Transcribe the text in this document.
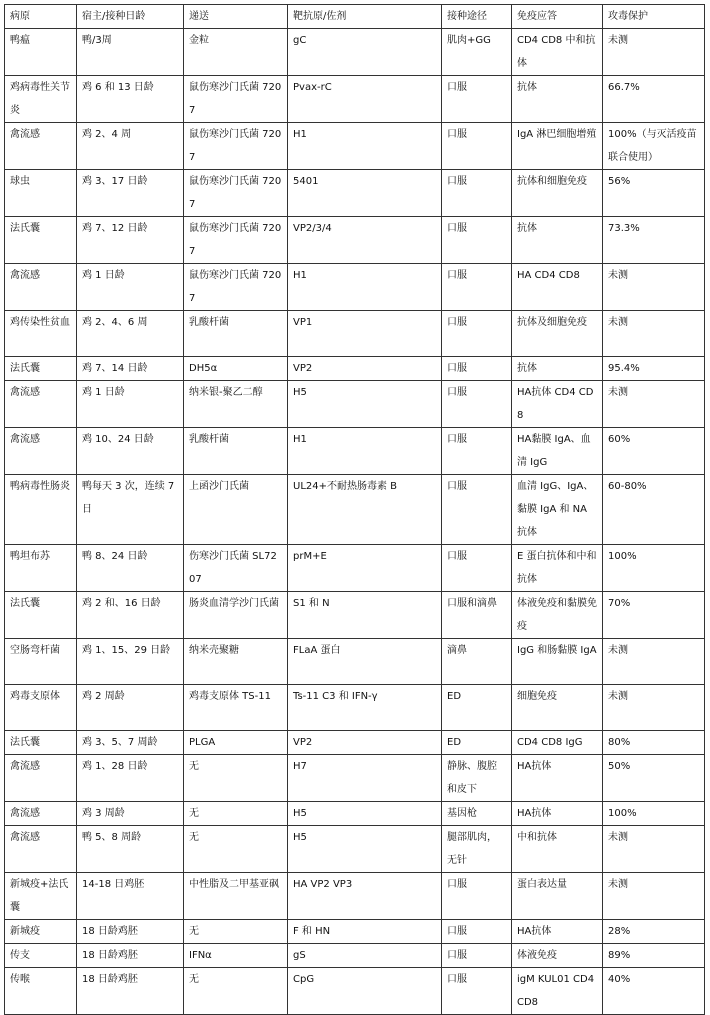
病原	宿主/接种日龄	递送	靶抗原/佐剂	接种途径	免疫应答	攻毒保护
鸭瘟	鸭/3周	金粒	gC	肌肉+GG	CD4 CD8 中和抗体	未测
鸡病毒性关节炎	鸡 6 和 13 日龄	鼠伤寒沙门氏菌 7207	Pvax-rC	口服	抗体	66.7%
禽流感	鸡 2、4 周	鼠伤寒沙门氏菌 7207	H1	口服	IgA 淋巴细胞增殖	100%（与灭活疫苗联合使用）
球虫	鸡 3、17 日龄	鼠伤寒沙门氏菌 7207	5401	口服	抗体和细胞免疫	56%
法氏囊	鸡 7、12 日龄	鼠伤寒沙门氏菌 7207	VP2/3/4	口服	抗体	73.3%
禽流感	鸡 1 日龄	鼠伤寒沙门氏菌 7207	H1	口服	HA CD4 CD8	未测
鸡传染性贫血	鸡 2、4、6 周	乳酸杆菌	VP1	口服	抗体及细胞免疫	未测
法氏囊	鸡 7、14 日龄	DH5α	VP2	口服	抗体	95.4%
禽流感	鸡 1 日龄	纳米银-聚乙二醇	H5	口服	HA抗体 CD4 CD8	未测
禽流感	鸡 10、24 日龄	乳酸杆菌	H1	口服	HA黏膜 IgA、血清 IgG	60%
鸭病毒性肠炎	鸭每天 3 次，连续 7 日	上函沙门氏菌	UL24+不耐热肠毒素 B	口服	血清 IgG、IgA、黏膜 IgA 和 NA 抗体	60-80%
鸭坦布苏	鸭 8、24 日龄	伤寒沙门氏菌 SL7207	prM+E	口服	E 蛋白抗体和中和抗体	100%
法氏囊	鸡 2 和、16 日龄	肠炎血清学沙门氏菌	S1 和 N	口服和滴鼻	体液免疫和黏膜免疫	70%
空肠弯杆菌	鸡 1、15、29 日龄	纳米壳聚糖	FLaA 蛋白	滴鼻	IgG 和肠黏膜 IgA	未测
鸡毒支原体	鸡 2 周龄	鸡毒支原体 TS-11	Ts-11 C3 和 IFN-γ	ED	细胞免疫	未测
法氏囊	鸡 3、5、7 周龄	PLGA	VP2	ED	CD4 CD8 IgG	80%
禽流感	鸡 1、28 日龄	无	H7	静脉、腹腔和皮下	HA抗体	50%
禽流感	鸡 3 周龄	无	H5	基因枪	HA抗体	100%
禽流感	鸭 5、8 周龄	无	H5	腿部肌肉，无针	中和抗体	未测
新城疫+法氏囊	14-18 日鸡胚	中性脂及二甲基亚砜	HA VP2 VP3	口服	蛋白表达量	未测
新城疫	18 日龄鸡胚	无	F 和 HN	口服	HA抗体	28%
传支	18 日龄鸡胚	IFNα	gS	口服	体液免疫	89%
传喉	18 日龄鸡胚	无	CpG	口服	igM KUL01 CD4 CD8	40%
